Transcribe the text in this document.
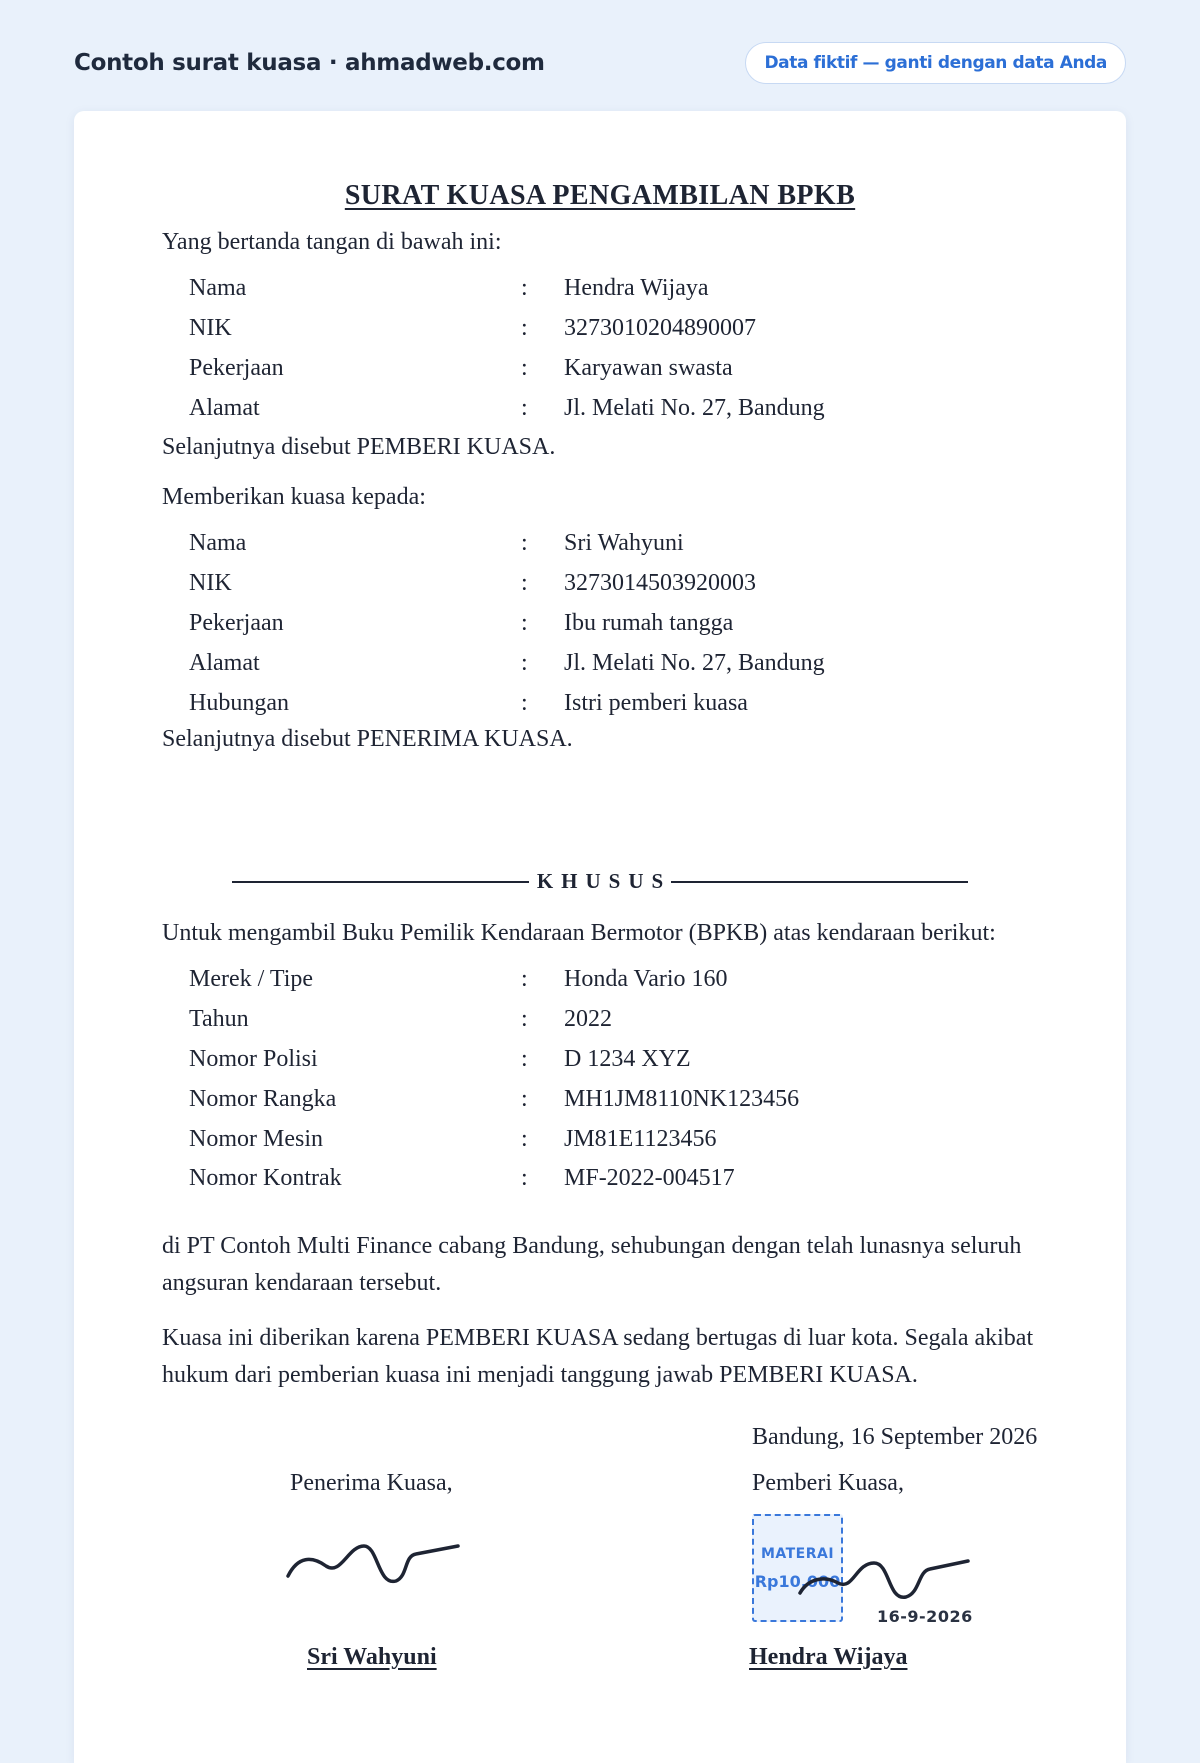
Contoh surat kuasa · ahmadweb.com	Data fiktif — ganti dengan data Anda
SURAT KUASA PENGAMBILAN BPKB

Yang bertanda tangan di bawah ini:

Nama	: Hendra Wijaya
NIK	: 3273010204890007
Pekerjaan	: Karyawan swasta
Alamat	: Jl. Melati No. 27, Bandung

Selanjutnya disebut PEMBERI KUASA.

Memberikan kuasa kepada:

Nama	: Sri Wahyuni
NIK	: 3273014503920003
Pekerjaan	: Ibu rumah tangga
Alamat	: Jl. Melati No. 27, Bandung
Hubungan	: Istri pemberi kuasa

Selanjutnya disebut PENERIMA KUASA.

KHUSUS

Untuk mengambil Buku Pemilik Kendaraan Bermotor (BPKB) atas kendaraan berikut:

Merek / Tipe	: Honda Vario 160
Tahun	: 2022
Nomor Polisi	: D 1234 XYZ
Nomor Rangka	: MH1JM8110NK123456
Nomor Mesin	: JM81E1123456
Nomor Kontrak	: MF-2022-004517

di PT Contoh Multi Finance cabang Bandung, sehubungan dengan telah lunasnya seluruh angsuran kendaraan tersebut.

Kuasa ini diberikan karena PEMBERI KUASA sedang bertugas di luar kota. Segala akibat hukum dari pemberian kuasa ini menjadi tanggung jawab PEMBERI KUASA.

Bandung, 16 September 2026
Penerima Kuasa,	Pemberi Kuasa,
MATERAI
Rp10.000
16-9-2026
Sri Wahyuni	Hendra Wijaya
